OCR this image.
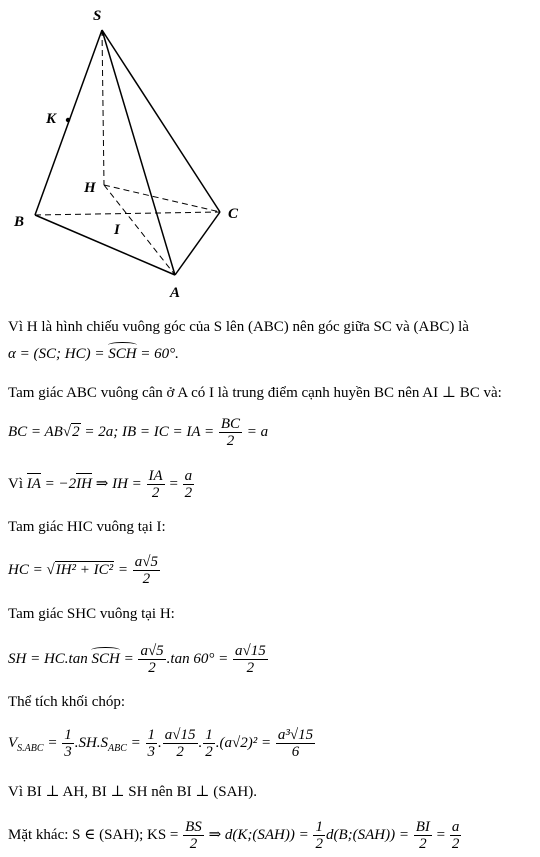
S
K
H
B	I
C
A
Vì H là hình chiếu vuông góc của S lên (ABC) nên góc giữa SC và (ABC) là
α = (SC; HC) = SCH = 60°.
Tam giác ABC vuông cân ở A có I là trung điểm cạnh huyền BC nên AI ⊥ BC và:
BC = AB√2 = 2a; IB = IC = IA = $\frac{BC}{2} = a$
Vì IA = −2IH ⇒ IH = $\frac{IA}{2} = \frac{a}{2}$
Tam giác HIC vuông tại I:
HC = $√IH^2 + IC^2 = \frac{a√5}{2}$
Tam giác SHC vuông tại H:
SH = HC.tan SCH = $\frac{a√5}{2} .\tan$ $60^\circ = \frac{a√15}{2}$
Thể tích khối chóp:
$V_{S.ABC} = \frac{1}{3} .SH.S_{ABC} = \frac{1}{3}$ . $\frac{a√15}{2}$ . $\frac{1}{2} .(a√2)^2 = \frac{\text{a³√15}}{6}$
Vì BI ⊥ AH, BI ⊥ SH nên BI ⊥ (SAH).
Mặt khác: S ∈ (SAH); KS = $\frac{BS}{2}$ ⇒ d(K;(SAH)) = $\frac{1}{2}$ d(B;(SAH)) = $\frac{BI}{2} = \frac{a}{2}$
